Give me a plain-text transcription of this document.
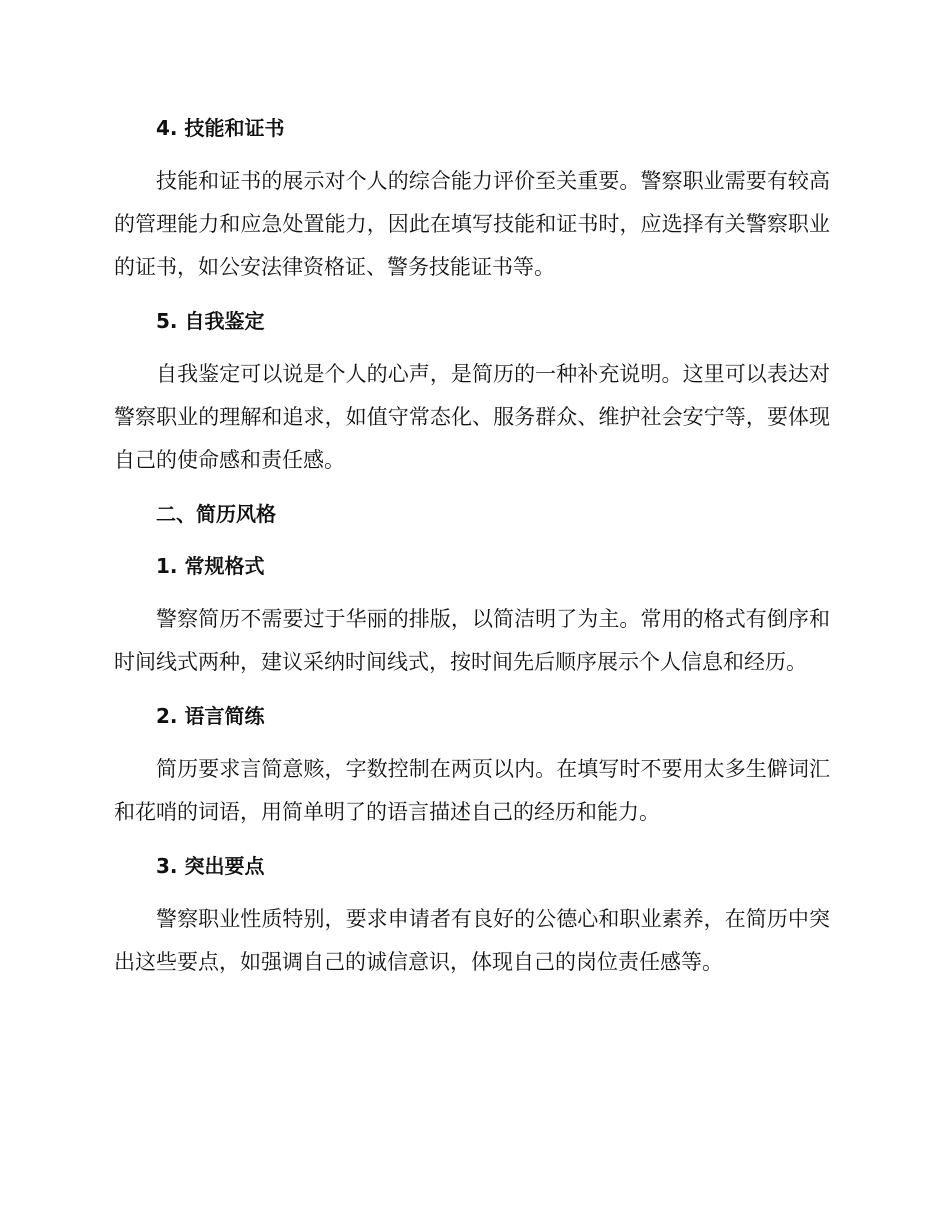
4. 技能和证书

技能和证书的展示对个人的综合能力评价至关重要。警察职业需要有较高的管理能力和应急处置能力，因此在填写技能和证书时，应选择有关警察职业的证书，如公安法律资格证、警务技能证书等。

5. 自我鉴定

自我鉴定可以说是个人的心声，是简历的一种补充说明。这里可以表达对警察职业的理解和追求，如值守常态化、服务群众、维护社会安宁等，要体现自己的使命感和责任感。

二、简历风格
1. 常规格式

警察简历不需要过于华丽的排版，以简洁明了为主。常用的格式有倒序和时间线式两种，建议采纳时间线式，按时间先后顺序展示个人信息和经历。

2. 语言简练

简历要求言简意赅，字数控制在两页以内。在填写时不要用太多生僻词汇和花哨的词语，用简单明了的语言描述自己的经历和能力。

3. 突出要点

警察职业性质特别，要求申请者有良好的公德心和职业素养，在简历中突出这些要点，如强调自己的诚信意识，体现自己的岗位责任感等。
